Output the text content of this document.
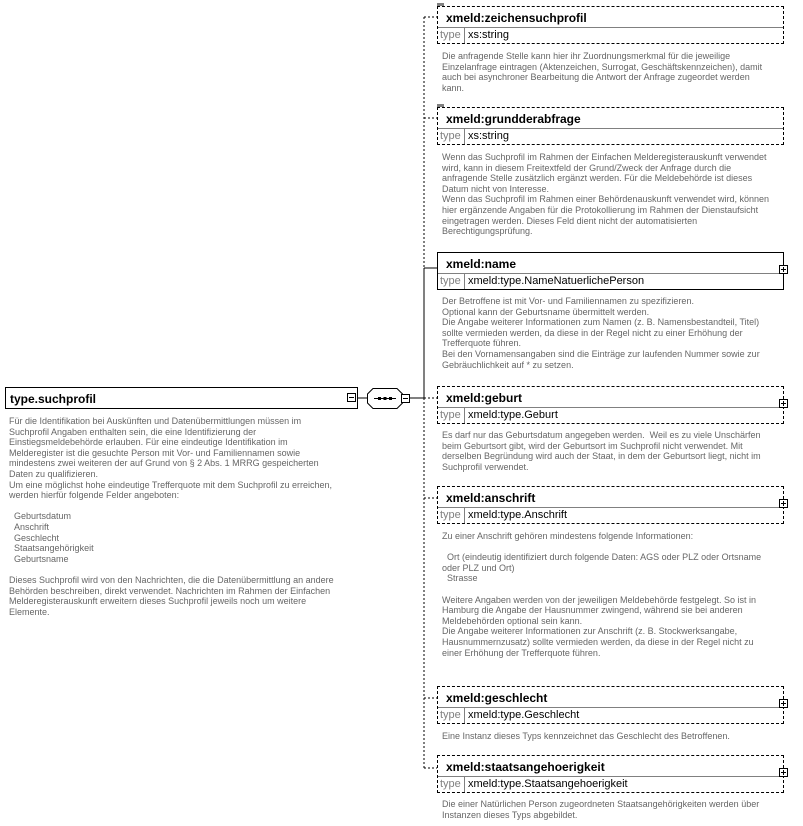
type.suchprofil
Für die Identifikation bei Auskünften und Datenübermittlungen müssen im
Suchprofil Angaben enthalten sein, die eine Identifizierung der
Einstiegsmeldebehörde erlauben. Für eine eindeutige Identifikation im
Melderegister ist die gesuchte Person mit Vor- und Familiennamen sowie
mindestens zwei weiteren der auf Grund von § 2 Abs. 1 MRRG gespeicherten
Daten zu qualifizieren.
Um eine möglichst hohe eindeutige Trefferquote mit dem Suchprofil zu erreichen,
werden hierfür folgende Felder angeboten:

Geburtsdatum
Anschrift
Geschlecht
Staatsangehörigkeit
Geburtsname

Dieses Suchprofil wird von den Nachrichten, die die Datenübermittlung an andere
Behörden beschreiben, direkt verwendet. Nachrichten im Rahmen der Einfachen
Melderegisterauskunft erweitern dieses Suchprofil jeweils noch um weitere
Elemente.
xmeld:zeichensuchprofil
type xs:string
Die anfragende Stelle kann hier ihr Zuordnungsmerkmal für die jeweilige
Einzelanfrage eintragen (Aktenzeichen, Surrogat, Geschäftskennzeichen), damit
auch bei asynchroner Bearbeitung die Antwort der Anfrage zugeordet werden
kann.
xmeld:grundderabfrage
type xs:string
Wenn das Suchprofil im Rahmen der Einfachen Melderegisterauskunft verwendet
wird, kann in diesem Freitextfeld der Grund/Zweck der Anfrage durch die
anfragende Stelle zusätzlich ergänzt werden. Für die Meldebehörde ist dieses
Datum nicht von Interesse.
Wenn das Suchprofil im Rahmen einer Behördenauskunft verwendet wird, können
hier ergänzende Angaben für die Protokollierung im Rahmen der Dienstaufsicht
eingetragen werden. Dieses Feld dient nicht der automatisierten
Berechtigungsprüfung.
xmeld:name
type xmeld:type.NameNatuerlichePerson
Der Betroffene ist mit Vor- und Familiennamen zu spezifizieren.
Optional kann der Geburtsname übermittelt werden.
Die Angabe weiterer Informationen zum Namen (z. B. Namensbestandteil, Titel)
sollte vermieden werden, da diese in der Regel nicht zu einer Erhöhung der
Trefferquote führen.
Bei den Vornamensangaben sind die Einträge zur laufenden Nummer sowie zur
Gebräuchlichkeit auf * zu setzen.
xmeld:geburt
type xmeld:type.Geburt
Es darf nur das Geburtsdatum angegeben werden.  Weil es zu viele Unschärfen
beim Geburtsort gibt, wird der Geburtsort im Suchprofil nicht verwendet. Mit
derselben Begründung wird auch der Staat, in dem der Geburtsort liegt, nicht im
Suchprofil verwendet.
xmeld:anschrift
type xmeld:type.Anschrift
Zu einer Anschrift gehören mindestens folgende Informationen:

Ort (eindeutig identifiziert durch folgende Daten: AGS oder PLZ oder Ortsname
oder PLZ und Ort)
Strasse

Weitere Angaben werden von der jeweiligen Meldebehörde festgelegt. So ist in
Hamburg die Angabe der Hausnummer zwingend, während sie bei anderen
Meldebehörden optional sein kann.
Die Angabe weiterer Informationen zur Anschrift (z. B. Stockwerksangabe,
Hausnummernzusatz) sollte vermieden werden, da diese in der Regel nicht zu
einer Erhöhung der Trefferquote führen.
xmeld:geschlecht
type xmeld:type.Geschlecht
Eine Instanz dieses Typs kennzeichnet das Geschlecht des Betroffenen.
xmeld:staatsangehoerigkeit
type xmeld:type.Staatsangehoerigkeit
Die einer Natürlichen Person zugeordneten Staatsangehörigkeiten werden über
Instanzen dieses Typs abgebildet.
